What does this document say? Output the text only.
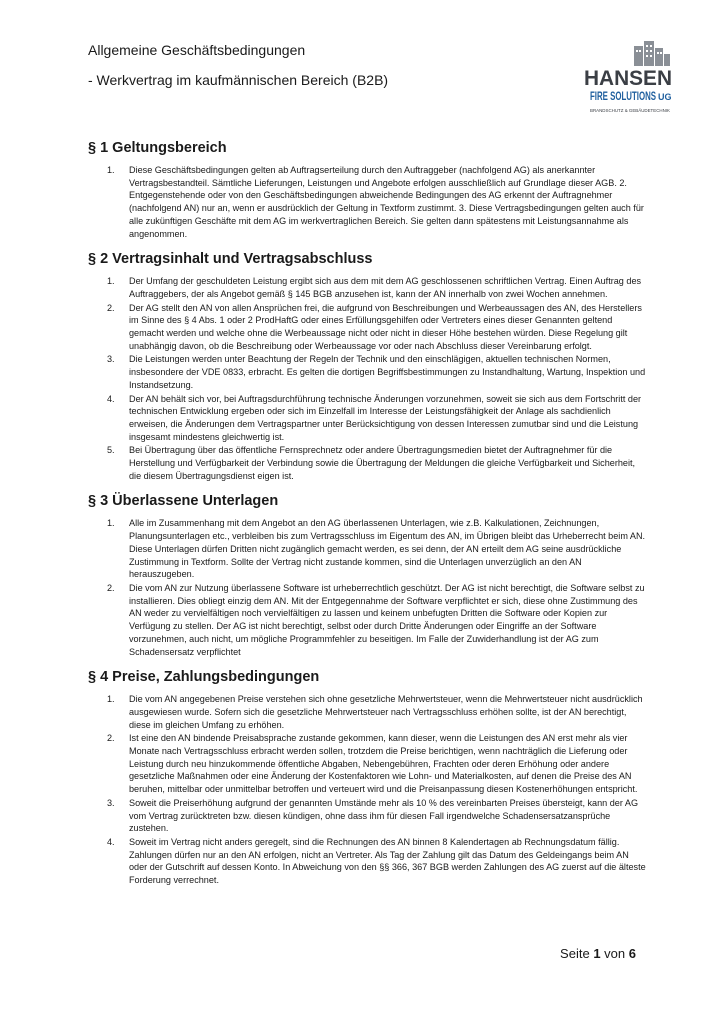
Allgemeine Geschäftsbedingungen
- Werkvertrag im kaufmännischen Bereich (B2B)	HANSEN
FIRE SOLUTIONS UG
BRANDSCHUTZ & GEBÄUDETECHNIK
§ 1 Geltungsbereich
1.	Diese Geschäftsbedingungen gelten ab Auftragserteilung durch den Auftraggeber (nachfolgend AG) als anerkannter Vertragsbestandteil. Sämtliche Lieferungen, Leistungen und Angebote erfolgen ausschließlich auf Grundlage dieser AGB. 2. Entgegenstehende oder von den Geschäftsbedingungen abweichende Bedingungen des AG erkennt der Auftragnehmer (nachfolgend AN) nur an, wenn er ausdrücklich der Geltung in Textform zustimmt. 3. Diese Vertragsbedingungen gelten auch für alle zukünftigen Geschäfte mit dem AG im werkvertraglichen Bereich. Sie gelten dann spätestens mit Leistungsannahme als angenommen.
§ 2 Vertragsinhalt und Vertragsabschluss
1.	Der Umfang der geschuldeten Leistung ergibt sich aus dem mit dem AG geschlossenen schriftlichen Vertrag. Einen Auftrag des Auftraggebers, der als Angebot gemäß § 145 BGB anzusehen ist, kann der AN innerhalb von zwei Wochen annehmen.
2.	Der AG stellt den AN von allen Ansprüchen frei, die aufgrund von Beschreibungen und Werbeaussagen des AN, des Herstellers im Sinne des § 4 Abs. 1 oder 2 ProdHaftG oder eines Erfüllungsgehilfen oder Vertreters eines dieser Genannten geltend gemacht werden und welche ohne die Werbeaussage nicht oder nicht in dieser Höhe bestehen würden. Diese Regelung gilt unabhängig davon, ob die Beschreibung oder Werbeaussage vor oder nach Abschluss dieser Vereinbarung erfolgt.
3.	Die Leistungen werden unter Beachtung der Regeln der Technik und den einschlägigen, aktuellen technischen Normen, insbesondere der VDE 0833, erbracht. Es gelten die dortigen Begriffsbestimmungen zu Instandhaltung, Wartung, Inspektion und Instandsetzung.
4.	Der AN behält sich vor, bei Auftragsdurchführung technische Änderungen vorzunehmen, soweit sie sich aus dem Fortschritt der technischen Entwicklung ergeben oder sich im Einzelfall im Interesse der Leistungsfähigkeit der Anlage als sachdienlich erweisen, die Änderungen dem Vertragspartner unter Berücksichtigung von dessen Interessen zumutbar sind und die Leistung insgesamt mindestens gleichwertig ist.
5.	Bei Übertragung über das öffentliche Fernsprechnetz oder andere Übertragungsmedien bietet der Auftragnehmer für die Herstellung und Verfügbarkeit der Verbindung sowie die Übertragung der Meldungen die gleiche Verfügbarkeit und Sicherheit, die diesem Übertragungsdienst eigen ist.
§ 3 Überlassene Unterlagen
1.	Alle im Zusammenhang mit dem Angebot an den AG überlassenen Unterlagen, wie z.B. Kalkulationen, Zeichnungen, Planungsunterlagen etc., verbleiben bis zum Vertragsschluss im Eigentum des AN, im Übrigen bleibt das Urheberrecht beim AN. Diese Unterlagen dürfen Dritten nicht zugänglich gemacht werden, es sei denn, der AN erteilt dem AG seine ausdrückliche Zustimmung in Textform. Sollte der Vertrag nicht zustande kommen, sind die Unterlagen unverzüglich an den AN herauszugeben.
2.	Die vom AN zur Nutzung überlassene Software ist urheberrechtlich geschützt. Der AG ist nicht berechtigt, die Software selbst zu installieren. Dies obliegt einzig dem AN. Mit der Entgegennahme der Software verpflichtet er sich, diese ohne Zustimmung des AN weder zu vervielfältigen noch vervielfältigen zu lassen und keinem unbefugten Dritten die Software oder Kopien zur Verfügung zu stellen. Der AG ist nicht berechtigt, selbst oder durch Dritte Änderungen oder Eingriffe an der Software vorzunehmen, auch nicht, um mögliche Programmfehler zu beseitigen. Im Falle der Zuwiderhandlung ist der AG zum Schadensersatz verpflichtet
§ 4 Preise, Zahlungsbedingungen
1.	Die vom AN angegebenen Preise verstehen sich ohne gesetzliche Mehrwertsteuer, wenn die Mehrwertsteuer nicht ausdrücklich ausgewiesen wurde. Sofern sich die gesetzliche Mehrwertsteuer nach Vertragsschluss erhöhen sollte, ist der AN berechtigt, diese im gleichen Umfang zu erhöhen.
2.	Ist eine den AN bindende Preisabsprache zustande gekommen, kann dieser, wenn die Leistungen des AN erst mehr als vier Monate nach Vertragsschluss erbracht werden sollen, trotzdem die Preise berichtigen, wenn nachträglich die Lieferung oder Leistung durch neu hinzukommende öffentliche Abgaben, Nebengebühren, Frachten oder deren Erhöhung oder andere gesetzliche Maßnahmen oder eine Änderung der Kostenfaktoren wie Lohn- und Materialkosten, auf denen die Preise des AN beruhen, mittelbar oder unmittelbar betroffen und verteuert wird und die Preisanpassung diesen Kostenerhöhungen entspricht.
3.	Soweit die Preiserhöhung aufgrund der genannten Umstände mehr als 10 % des vereinbarten Preises übersteigt, kann der AG vom Vertrag zurücktreten bzw. diesen kündigen, ohne dass ihm für diesen Fall irgendwelche Schadensersatzansprüche zustehen.
4.	Soweit im Vertrag nicht anders geregelt, sind die Rechnungen des AN binnen 8 Kalendertagen ab Rechnungsdatum fällig. Zahlungen dürfen nur an den AN erfolgen, nicht an Vertreter. Als Tag der Zahlung gilt das Datum des Geldeingangs beim AN oder der Gutschrift auf dessen Konto. In Abweichung von den §§ 366, 367 BGB werden Zahlungen des AG zuerst auf die älteste Forderung verrechnet.
Seite 1 von 6
